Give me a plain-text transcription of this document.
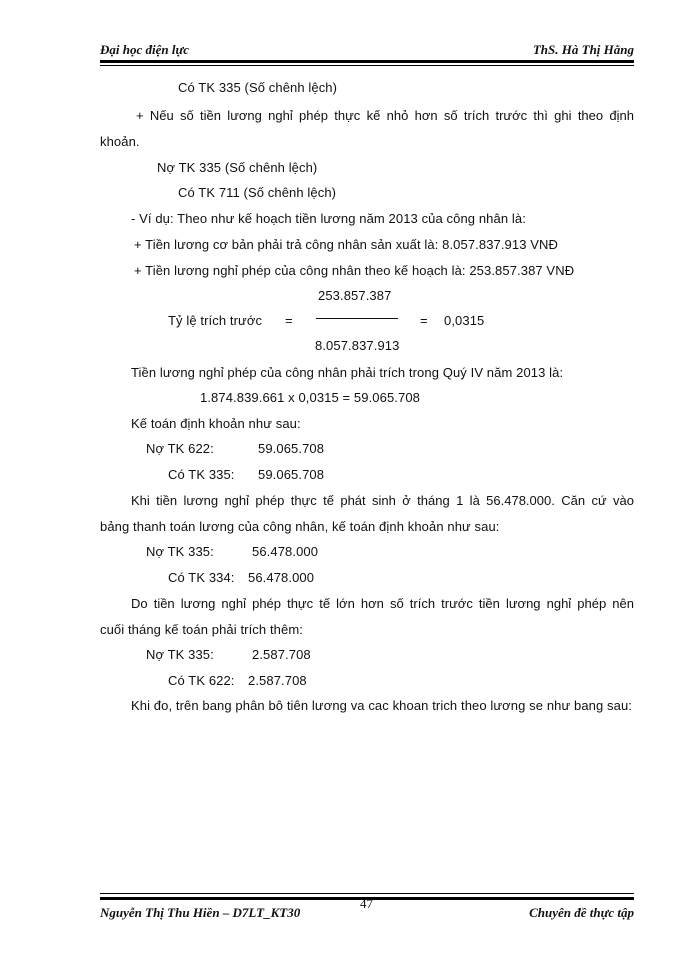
Đại học điện lực	ThS. Hà Thị Hằng
Có TK 335 (Số chênh lệch)
+ Nếu số tiền lương nghỉ phép thực kế nhỏ hơn số trích trước thì ghi theo định
khoản.
Nợ TK 335 (Số chênh lệch)
Có TK 711 (Số chênh lệch)
- Ví dụ: Theo như kế hoạch tiền lương năm 2013 của công nhân là:
+ Tiền lương cơ bản phải trả công nhân sản xuất là: 8.057.837.913 VNĐ
+ Tiền lương nghỉ phép của công nhân theo kế hoạch là: 253.857.387 VNĐ
253.857.387
Tỷ lệ trích trước =	= 0,0315
8.057.837.913
Tiền lương nghỉ phép của công nhân phải trích trong Quý IV năm 2013 là:
1.874.839.661 x 0,0315 = 59.065.708
Kế toán định khoản như sau:
Nợ TK 622:	59.065.708
Có TK 335: 59.065.708
Khi tiền lương nghỉ phép thực tế phát sinh ở tháng 1 là 56.478.000. Căn cứ vào
bảng thanh toán lương của công nhân, kế toán định khoản như sau:
Nợ TK 335:	56.478.000
Có TK 334: 56.478.000
Do tiền lương nghỉ phép thực tế lớn hơn số trích trước tiền lương nghỉ phép nên
cuối tháng kế toán phải trích thêm:
Nợ TK 335:	2.587.708
Có TK 622: 2.587.708
Khi đo, trên bang phân bô tiên lương va cac khoan trich theo lương se như bang sau:
47
Nguyễn Thị Thu Hiền – D7LT_KT30	Chuyên đề thực tập
